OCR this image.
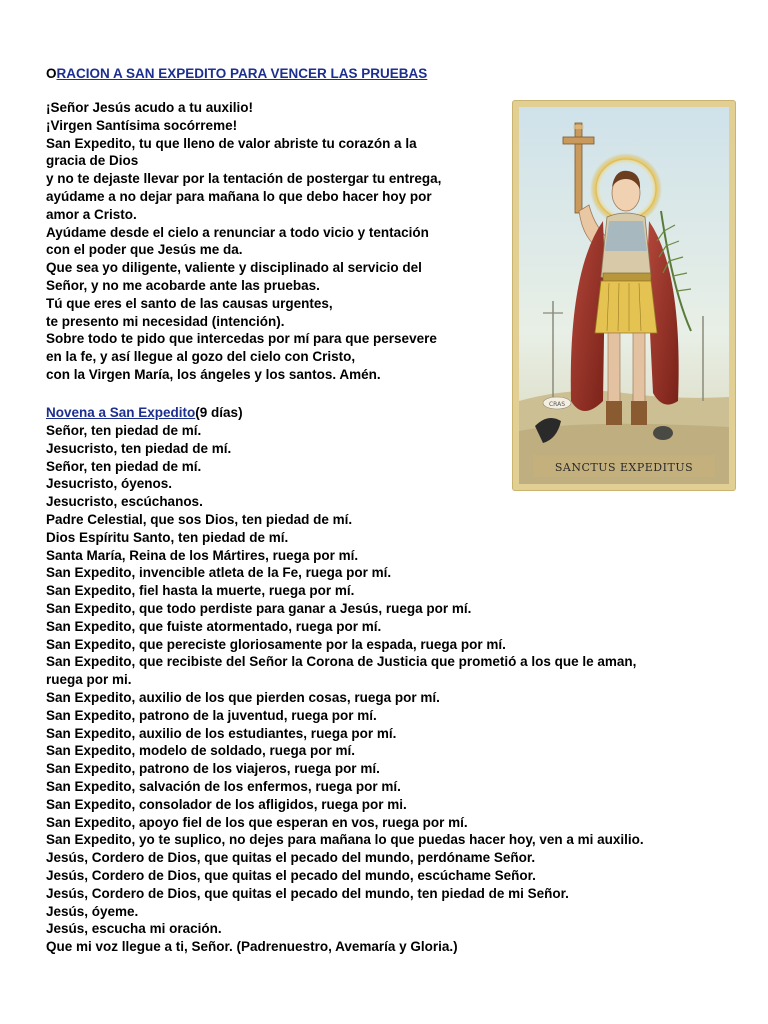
ORACION A SAN EXPEDITO PARA VENCER LAS PRUEBAS
¡Señor Jesús acudo a tu auxilio!
¡Virgen Santísima socórreme!
San Expedito, tu que lleno de valor abriste tu corazón a la
gracia de Dios
y no te dejaste llevar por la tentación de postergar tu entrega,
ayúdame a no dejar para mañana lo que debo hacer hoy por
amor a Cristo.
Ayúdame desde el cielo a renunciar a todo vicio y tentación
con el poder que Jesús me da.
Que sea yo diligente, valiente y disciplinado al servicio del
Señor, y no me acobarde ante las pruebas.
Tú que eres el santo de las causas urgentes,
te presento mi necesidad (intención).
Sobre todo te pido que intercedas por mí para que persevere
en la fe, y así llegue al gozo del cielo con Cristo,
con la Virgen María, los ángeles y los santos. Amén.
Novena a San Expedito(9 días)
Señor, ten piedad de mí.
Jesucristo, ten piedad de mí.
Señor, ten piedad de mí.
Jesucristo, óyenos.
Jesucristo, escúchanos.
Padre Celestial, que sos Dios, ten piedad de mí.
Dios Espíritu Santo, ten piedad de mí.
Santa María, Reina de los Mártires, ruega por mí.
San Expedito, invencible atleta de la Fe, ruega por mí.
San Expedito, fiel hasta la muerte, ruega por mí.
San Expedito, que todo perdiste para ganar a Jesús, ruega por mí.
San Expedito, que fuiste atormentado, ruega por mí.
San Expedito, que pereciste gloriosamente por la espada, ruega por mí.
San Expedito, que recibiste del Señor la Corona de Justicia que prometió a los que le aman,
ruega por mi.
San Expedito, auxilio de los que pierden cosas, ruega por mí.
San Expedito, patrono de la juventud, ruega por mí.
San Expedito, auxilio de los estudiantes, ruega por mí.
San Expedito, modelo de soldado, ruega por mí.
San Expedito, patrono de los viajeros, ruega por mí.
San Expedito, salvación de los enfermos, ruega por mí.
San Expedito, consolador de los afligidos, ruega por mi.
San Expedito, apoyo fiel de los que esperan en vos, ruega por mí.
San Expedito, yo te suplico, no dejes para mañana lo que puedas hacer hoy, ven a mi auxilio.
Jesús, Cordero de Dios, que quitas el pecado del mundo, perdóname Señor.
Jesús, Cordero de Dios, que quitas el pecado del mundo, escúchame Señor.
Jesús, Cordero de Dios, que quitas el pecado del mundo, ten piedad de mi Señor.
Jesús, óyeme.
Jesús, escucha mi oración.
Que mi voz llegue a ti, Señor. (Padrenuestro, Avemaría y Gloria.)
CRAS
SANCTUS EXPEDITUS
